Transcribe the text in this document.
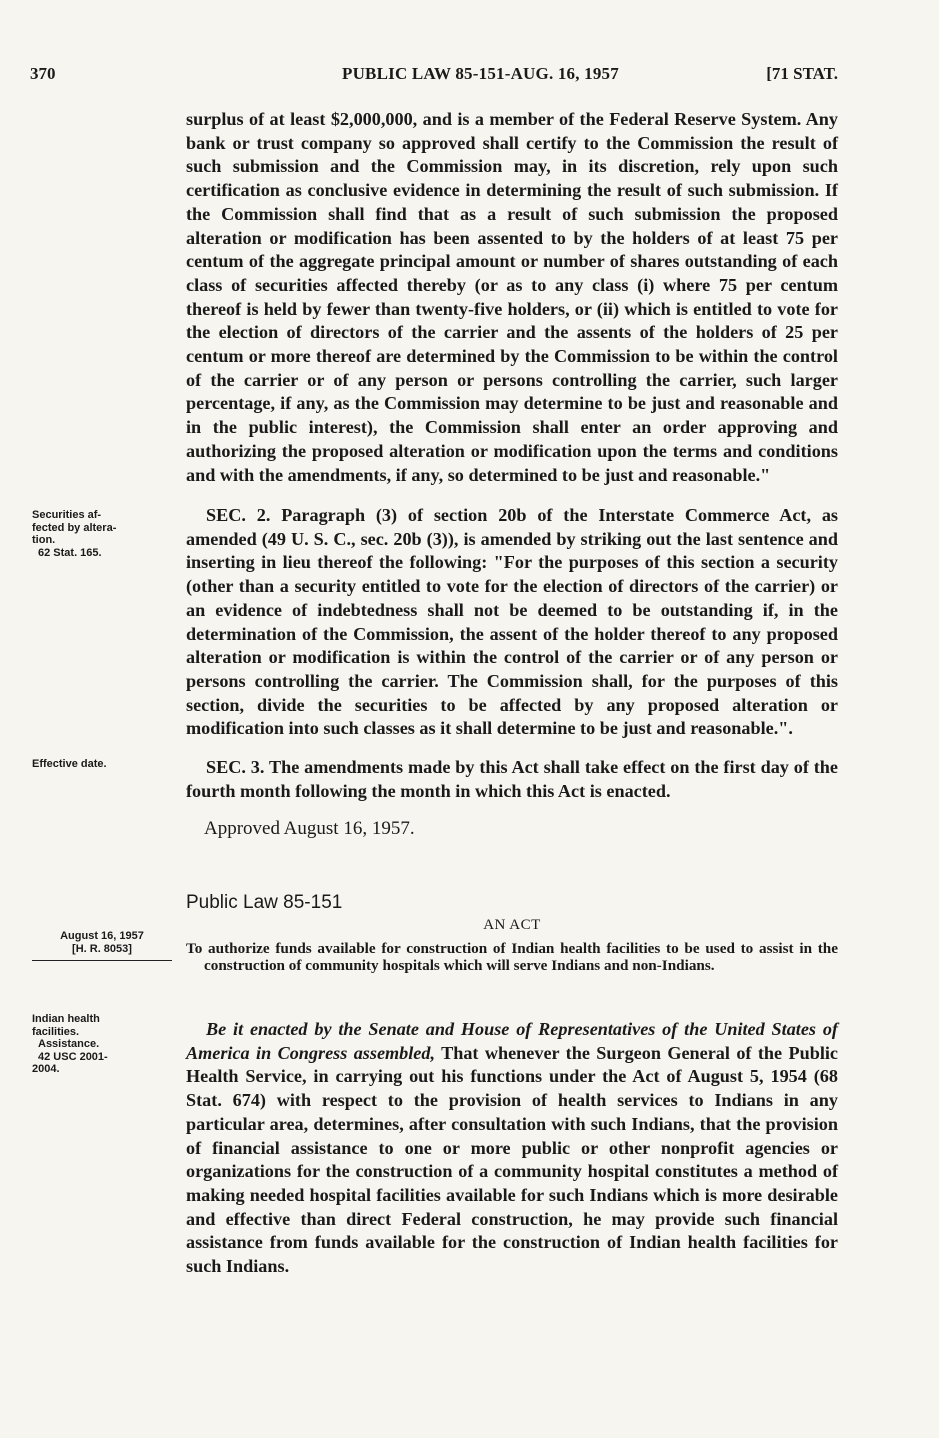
370	PUBLIC LAW 85-151-AUG. 16, 1957	[71 STAT.

surplus of at least $2,000,000, and is a member of the Federal Reserve System. Any bank or trust company so approved shall certify to the Commission the result of such submission and the Commission may, in its discretion, rely upon such certification as conclusive evidence in determining the result of such submission. If the Commission shall find that as a result of such submission the proposed alteration or modification has been assented to by the holders of at least 75 per centum of the aggregate principal amount or number of shares outstanding of each class of securities affected thereby (or as to any class (i) where 75 per centum thereof is held by fewer than twenty-five holders, or (ii) which is entitled to vote for the election of directors of the carrier and the assents of the holders of 25 per centum or more thereof are determined by the Commission to be within the control of the carrier or of any person or persons controlling the carrier, such larger percentage, if any, as the Commission may determine to be just and reasonable and in the public interest), the Commission shall enter an order approving and authorizing the proposed alteration or modification upon the terms and conditions and with the amendments, if any, so determined to be just and reasonable."

SEC. 2. Paragraph (3) of section 20b of the Interstate Commerce Act, as amended (49 U. S. C., sec. 20b (3)), is amended by striking out the last sentence and inserting in lieu thereof the following: "For the purposes of this section a security (other than a security entitled to vote for the election of directors of the carrier) or an evidence of indebtedness shall not be deemed to be outstanding if, in the determination of the Commission, the assent of the holder thereof to any proposed alteration or modification is within the control of the carrier or of any person or persons controlling the carrier. The Commission shall, for the purposes of this section, divide the securities to be affected by any proposed alteration or modification into such classes as it shall determine to be just and reasonable.".

SEC. 3. The amendments made by this Act shall take effect on the first day of the fourth month following the month in which this Act is enacted.

Approved August 16, 1957.
Securities af-
fected by altera-
tion.
62 Stat. 165.
Effective date.
August 16, 1957
[H. R. 8053]
Public Law 85-151
AN ACT
To authorize funds available for construction of Indian health facilities to be used to assist in the construction of community hospitals which will serve Indians and non-Indians.
Indian health
facilities.
Assistance.
42 USC 2001-
2004.

Be it enacted by the Senate and House of Representatives of the United States of America in Congress assembled, That whenever the Surgeon General of the Public Health Service, in carrying out his functions under the Act of August 5, 1954 (68 Stat. 674) with respect to the provision of health services to Indians in any particular area, determines, after consultation with such Indians, that the provision of financial assistance to one or more public or other nonprofit agencies or organizations for the construction of a community hospital constitutes a method of making needed hospital facilities available for such Indians which is more desirable and effective than direct Federal construction, he may provide such financial assistance from funds available for the construction of Indian health facilities for such Indians.
